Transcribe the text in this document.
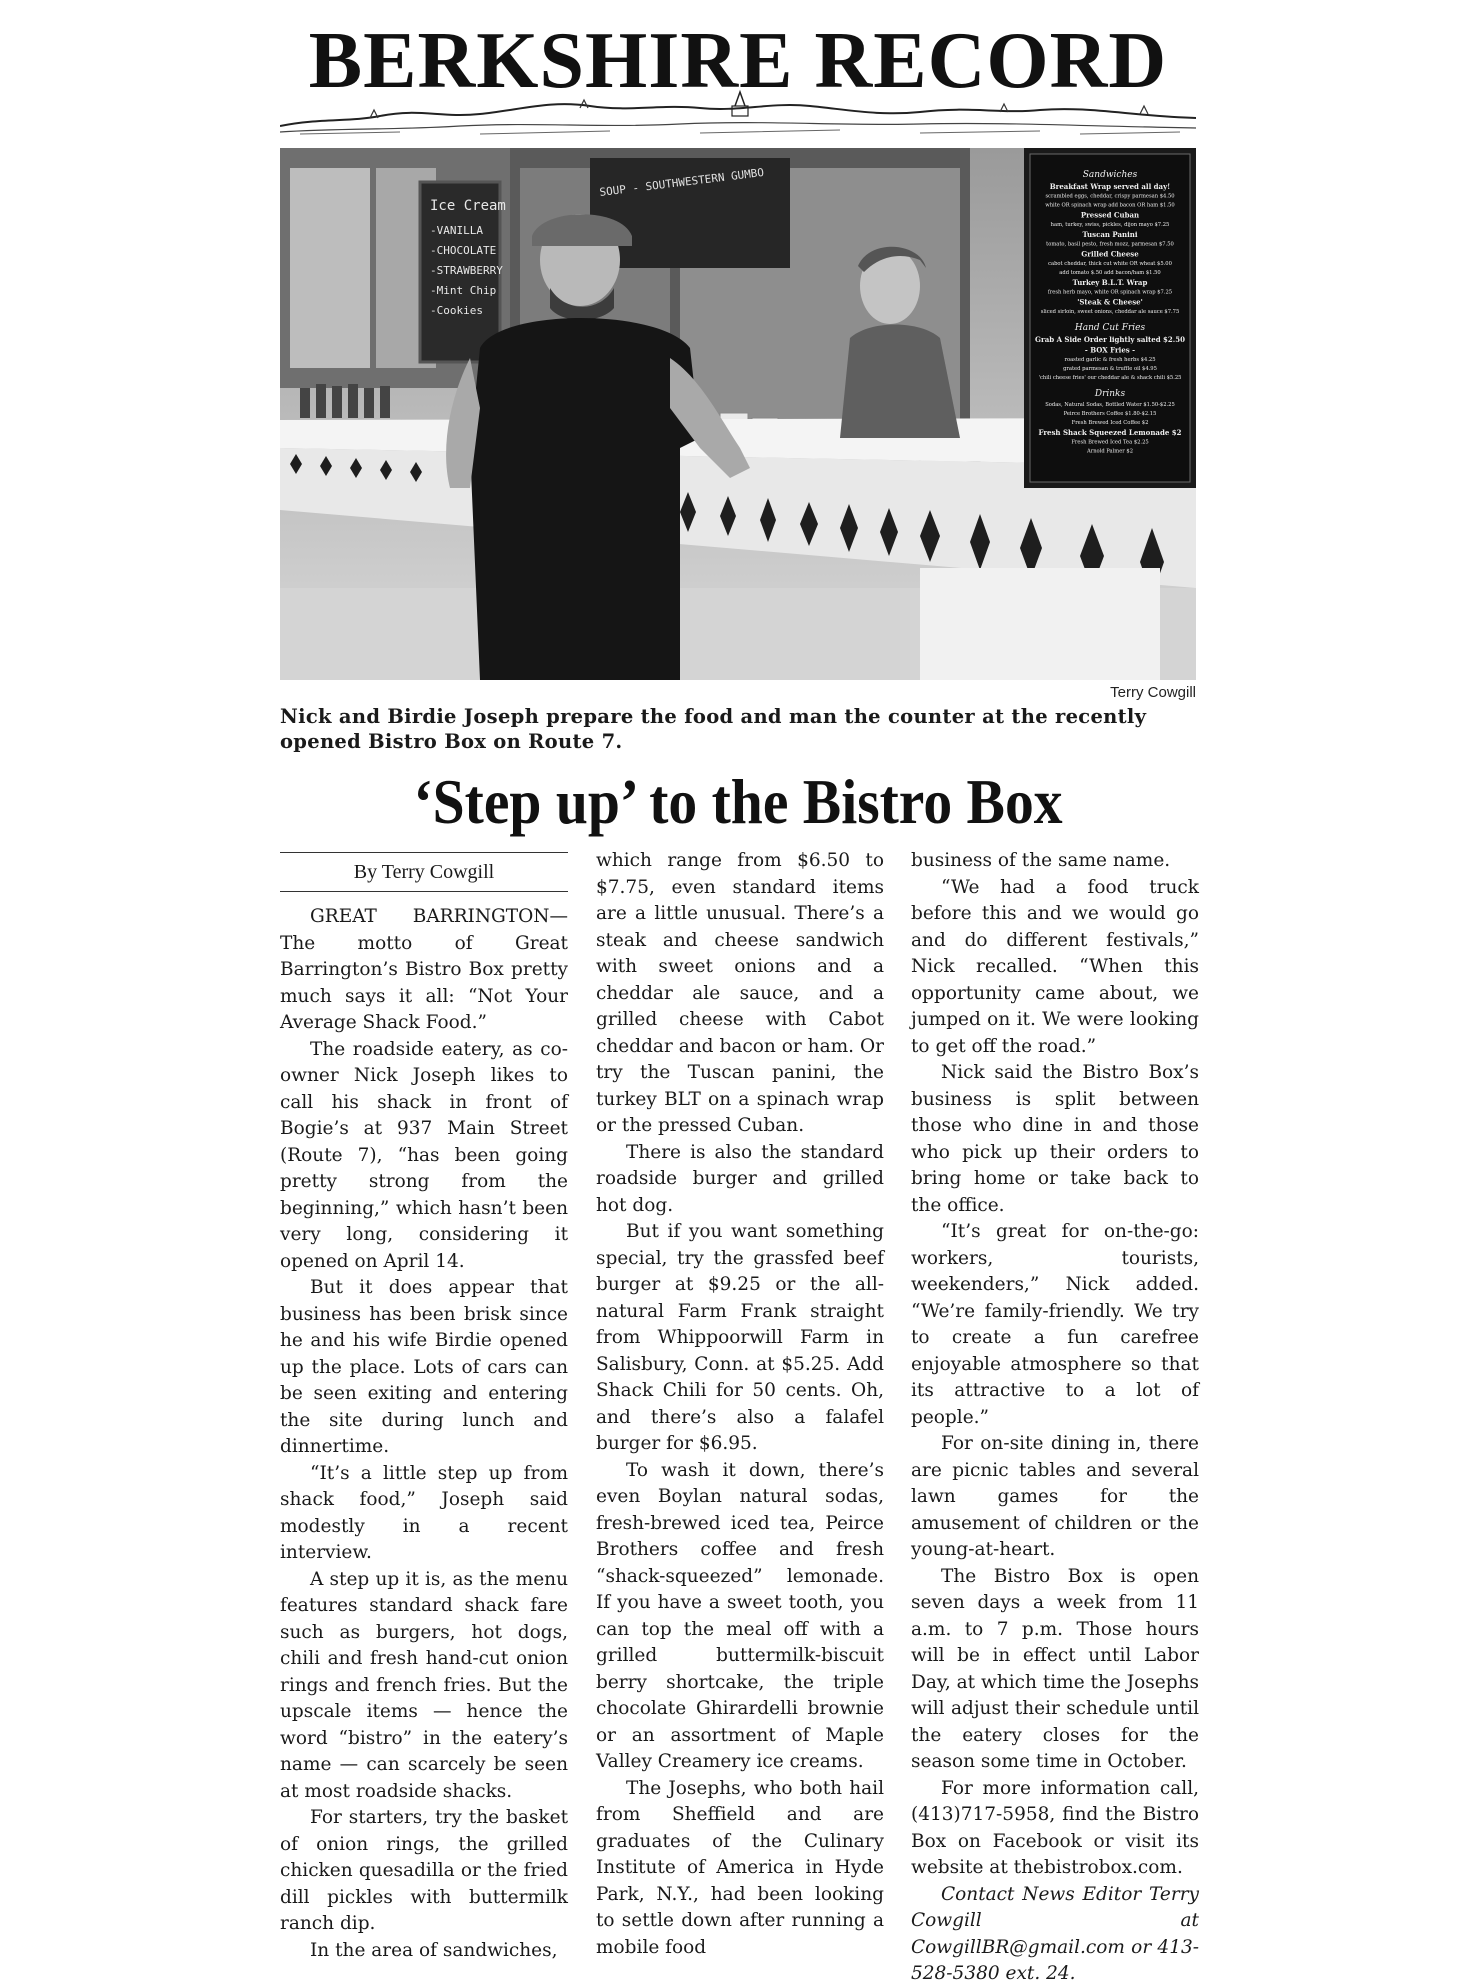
BERKSHIRE RECORD
Ice Cream
-VANILLA
-CHOCOLATE
-STRAWBERRY
-Mint Chip
-Cookies
SOUP - SOUTHWESTERN GUMBO	Sandwiches
Breakfast Wrap served all day!
scrambled eggs, cheddar, crispy parmesan $4.50
white OR spinach wrap add bacon OR ham $1.50
Pressed Cuban
ham, turkey, swiss, pickles, dijon mayo $7.25
Tuscan Panini
tomato, basil pesto, fresh mozz, parmesan $7.50
Grilled Cheese
cabot cheddar, thick cut white OR wheat $5.00
add tomato $.50 add bacon/ham $1.50
Turkey B.L.T. Wrap
fresh herb mayo, white OR spinach wrap $7.25
'Steak & Cheese'
sliced sirloin, sweet onions, cheddar ale sauce $7.75
Hand Cut Fries
Grab A Side Order lightly salted $2.50
- BOX Fries -
roasted garlic & fresh herbs $4.25
grated parmesan & truffle oil $4.95
'chili cheese fries' our cheddar ale & shack chili $5.25
Drinks
Sodas, Natural Sodas, Bottled Water $1.50-$2.25
Peirce Brothers Coffee $1.80-$2.15
Fresh Brewed Iced Coffee $2
Fresh Shack Squeezed Lemonade $2
Fresh Brewed Iced Tea $2.25
Arnold Palmer $2
Terry Cowgill
Nick and Birdie Joseph prepare the food and man the counter at the recently opened Bistro Box on Route 7.
‘Step up’ to the Bistro Box
By Terry Cowgill

GREAT BARRINGTON—The motto of Great Barrington’s Bistro Box pretty much says it all: “Not Your Average Shack Food.”

The roadside eatery, as co-owner Nick Joseph likes to call his shack in front of Bogie’s at 937 Main Street (Route 7), “has been going pretty strong from the beginning,” which hasn’t been very long, considering it opened on April 14.

But it does appear that business has been brisk since he and his wife Birdie opened up the place. Lots of cars can be seen exiting and entering the site during lunch and dinnertime.

“It’s a little step up from shack food,” Joseph said modestly in a recent interview.

A step up it is, as the menu features standard shack fare such as burgers, hot dogs, chili and fresh hand-cut onion rings and french fries. But the upscale items — hence the word “bistro” in the eatery’s name — can scarcely be seen at most roadside shacks.

For starters, try the basket of onion rings, the grilled chicken quesadilla or the fried dill pickles with buttermilk ranch dip.

In the area of sandwiches,

which range from $6.50 to $7.75, even standard items are a little unusual. There’s a steak and cheese sandwich with sweet onions and a cheddar ale sauce, and a grilled cheese with Cabot cheddar and bacon or ham. Or try the Tuscan panini, the turkey BLT on a spinach wrap or the pressed Cuban.

There is also the standard roadside burger and grilled hot dog.

But if you want something special, try the grassfed beef burger at $9.25 or the all-natural Farm Frank straight from Whippoorwill Farm in Salisbury, Conn. at $5.25. Add Shack Chili for 50 cents. Oh, and there’s also a falafel burger for $6.95.

To wash it down, there’s even Boylan natural sodas, fresh-brewed iced tea, Peirce Brothers coffee and fresh “shack-squeezed” lemonade. If you have a sweet tooth, you can top the meal off with a grilled buttermilk-biscuit berry shortcake, the triple chocolate Ghirardelli brownie or an assortment of Maple Valley Creamery ice creams.

The Josephs, who both hail from Sheffield and are graduates of the Culinary Institute of America in Hyde Park, N.Y., had been looking to settle down after running a mobile food

business of the same name.

“We had a food truck before this and we would go and do different festivals,” Nick recalled. “When this opportunity came about, we jumped on it. We were looking to get off the road.”

Nick said the Bistro Box’s business is split between those who dine in and those who pick up their orders to bring home or take back to the office.

“It’s great for on-the-go: workers, tourists, weekenders,” Nick added. “We’re family-friendly. We try to create a fun carefree enjoyable atmosphere so that its attractive to a lot of people.”

For on-site dining in, there are picnic tables and several lawn games for the amusement of children or the young-at-heart.

The Bistro Box is open seven days a week from 11 a.m. to 7 p.m. Those hours will be in effect until Labor Day, at which time the Josephs will adjust their schedule until the eatery closes for the season some time in October.

For more information call, (413)717-5958, find the Bistro Box on Facebook or visit its website at thebistrobox.com.

Contact News Editor Terry Cowgill at CowgillBR@gmail.com or 413-528-5380 ext. 24.
